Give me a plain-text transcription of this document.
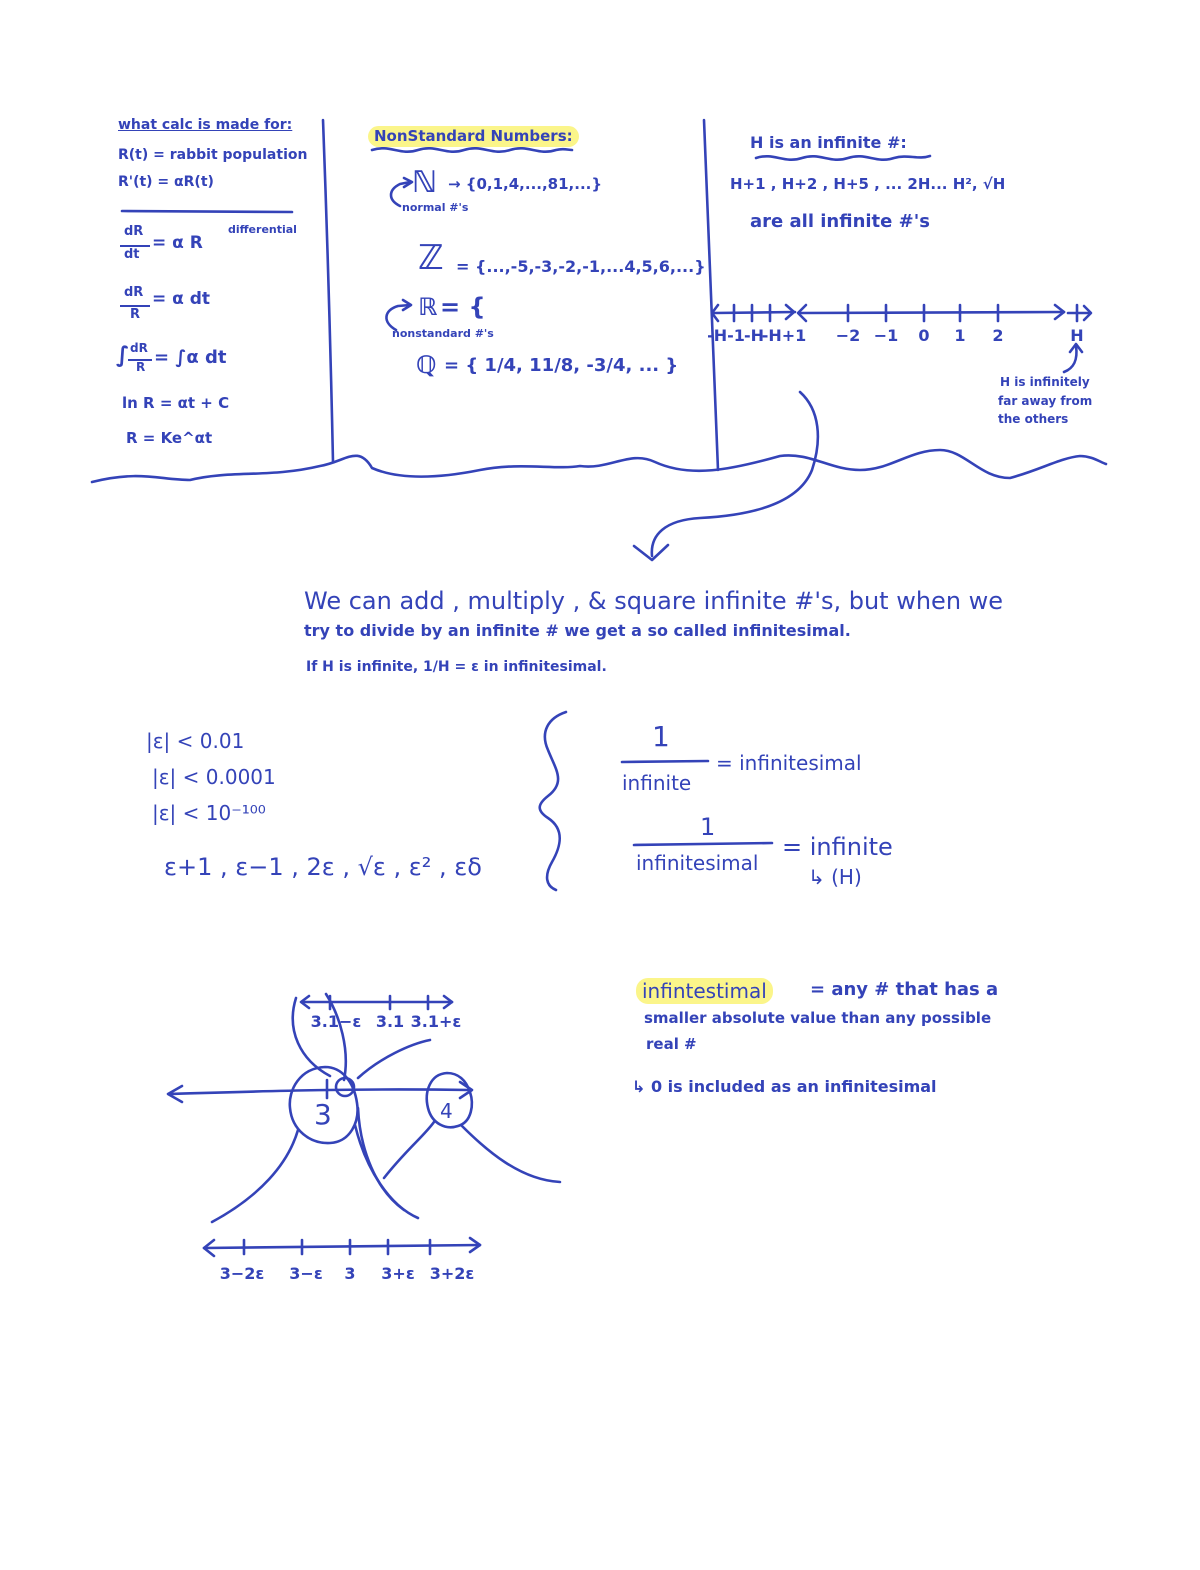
what calc is made for:
R(t) = rabbit population
R'(t) = αR(t)
differential
dR
dt
= α R
dR
R
= α dt
∫ dR
R = ∫α dt
ln R = αt + C
R = Ke^αt
NonStandard Numbers:
ℕ → {0,1,4,...,81,...}
normal #'s
ℤ = {...,-5,-3,-2,-1,...4,5,6,...}
ℝ = {
nonstandard #'s
ℚ = { 1/4, 11/8, -3/4, ... }
H is an infinite #:
H+1 , H+2 , H+5 , ... 2H... H², √H
are all infinite #'s
-H-1 -H
-H+1 −2 −1 0 1 2	H
H is infinitely
far away from
the others
We can add , multiply , & square infinite #'s, but when we
try to divide by an infinite # we get a so called infinitesimal.
If H is infinite, 1/H = ε in infinitesimal.
|ε| < 0.01
|ε| < 0.0001
|ε| < 10⁻¹⁰⁰
ε+1 , ε−1 , 2ε , √ε , ε² , εδ
1
infinite
= infinitesimal
1
infinitesimal
= infinite
↳ (H)
infintestimal	= any # that has a
smaller absolute value than any possible
real #
↳ 0 is included as an infinitesimal
3.1−ε 3.1 3.1+ε
3	4
3−2ε 3−ε 3 3+ε 3+2ε
